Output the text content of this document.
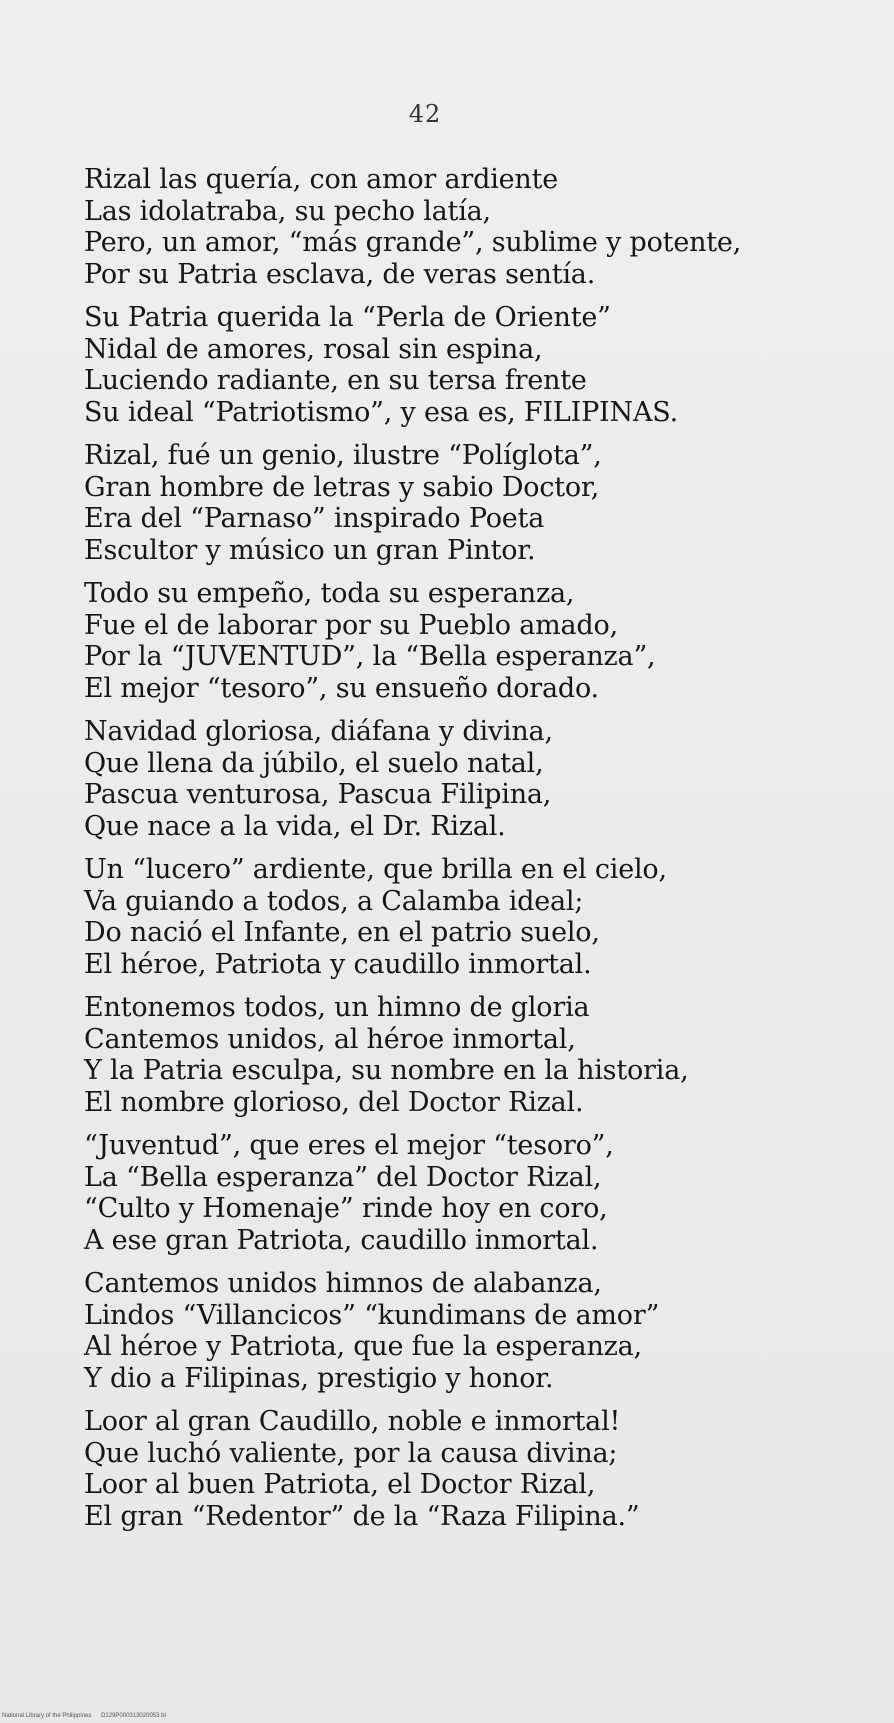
42
Rizal las quería, con amor ardiente
Las idolatraba, su pecho latía,
Pero, un amor, “más grande”, sublime y potente,
Por su Patria esclava, de veras sentía.
Su Patria querida la “Perla de Oriente”
Nidal de amores, rosal sin espina,
Luciendo radiante, en su tersa frente
Su ideal “Patriotismo”, y esa es, FILIPINAS.
Rizal, fué un genio, ilustre “Políglota”,
Gran hombre de letras y sabio Doctor,
Era del “Parnaso” inspirado Poeta
Escultor y músico un gran Pintor.
Todo su empeño, toda su esperanza,
Fue el de laborar por su Pueblo amado,
Por la “JUVENTUD”, la “Bella esperanza”,
El mejor “tesoro”, su ensueño dorado.
Navidad gloriosa, diáfana y divina,
Que llena da júbilo, el suelo natal,
Pascua venturosa, Pascua Filipina,
Que nace a la vida, el Dr. Rizal.
Un “lucero” ardiente, que brilla en el cielo,
Va guiando a todos, a Calamba ideal;
Do nació el Infante, en el patrio suelo,
El héroe, Patriota y caudillo inmortal.
Entonemos todos, un himno de gloria
Cantemos unidos, al héroe inmortal,
Y la Patria esculpa, su nombre en la historia,
El nombre glorioso, del Doctor Rizal.
“Juventud”, que eres el mejor “tesoro”,
La “Bella esperanza” del Doctor Rizal,
“Culto y Homenaje” rinde hoy en coro,
A ese gran Patriota, caudillo inmortal.
Cantemos unidos himnos de alabanza,
Lindos “Villancicos” “kundimans de amor”
Al héroe y Patriota, que fue la esperanza,
Y dio a Filipinas, prestigio y honor.
Loor al gran Caudillo, noble e inmortal!
Que luchó valiente, por la causa divina;
Loor al buen Patriota, el Doctor Rizal,
El gran “Redentor” de la “Raza Filipina.”
National Library of the Philippines D129P000313020053 bl
